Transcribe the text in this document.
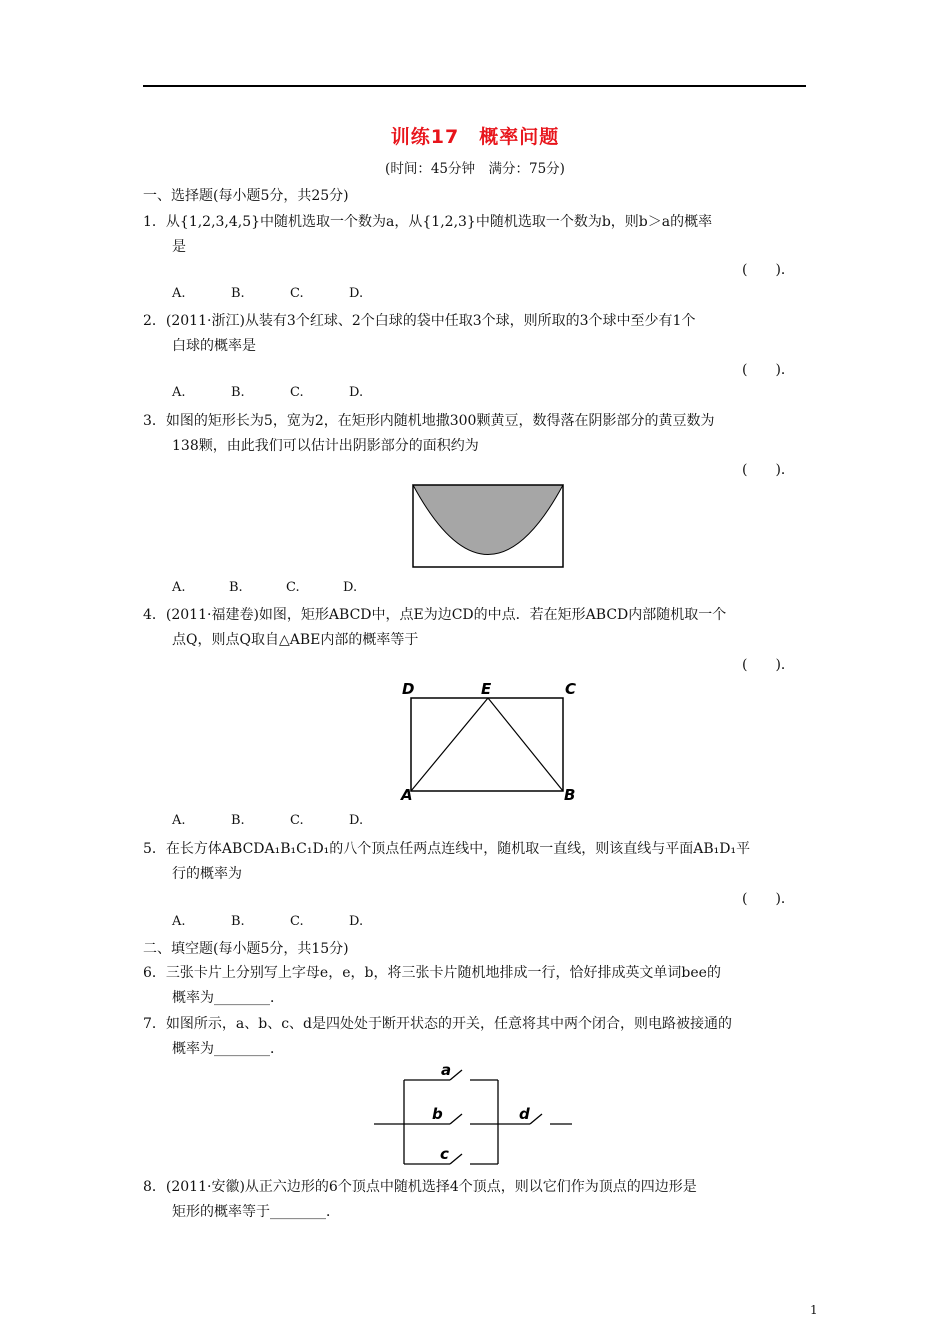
训练17　概率问题
(时间：45分钟　满分：75分)
一、选择题(每小题5分，共25分)
1．从{1,2,3,4,5}中随机选取一个数为a，从{1,2,3}中随机选取一个数为b，则b＞a的概率
是
(　　)．
A.	B.	C.	D.
2．(2011·浙江)从装有3个红球、2个白球的袋中任取3个球，则所取的3个球中至少有1个
白球的概率是
(　　)．
A.	B.	C.	D.
3．如图的矩形长为5，宽为2，在矩形内随机地撒300颗黄豆，数得落在阴影部分的黄豆数为
138颗，由此我们可以估计出阴影部分的面积约为
(　　)．
A.	B.	C.	D.
4．(2011·福建卷)如图，矩形ABCD中，点E为边CD的中点．若在矩形ABCD内部随机取一个
点Q，则点Q取自△ABE内部的概率等于
(　　)．
D	E	C
A	B
A.	B.	C.	D.
5．在长方体ABCDA₁B₁C₁D₁的八个顶点任两点连线中，随机取一直线，则该直线与平面AB₁D₁平
行的概率为
(　　)．
A.	B.	C.	D.
二、填空题(每小题5分，共15分)
6．三张卡片上分别写上字母e，e，b，将三张卡片随机地排成一行，恰好排成英文单词bee的
概率为________．
7．如图所示，a、b、c、d是四处处于断开状态的开关，任意将其中两个闭合，则电路被接通的
概率为________．
a
b
c
d
8．(2011·安徽)从正六边形的6个顶点中随机选择4个顶点，则以它们作为顶点的四边形是
矩形的概率等于________．
1
